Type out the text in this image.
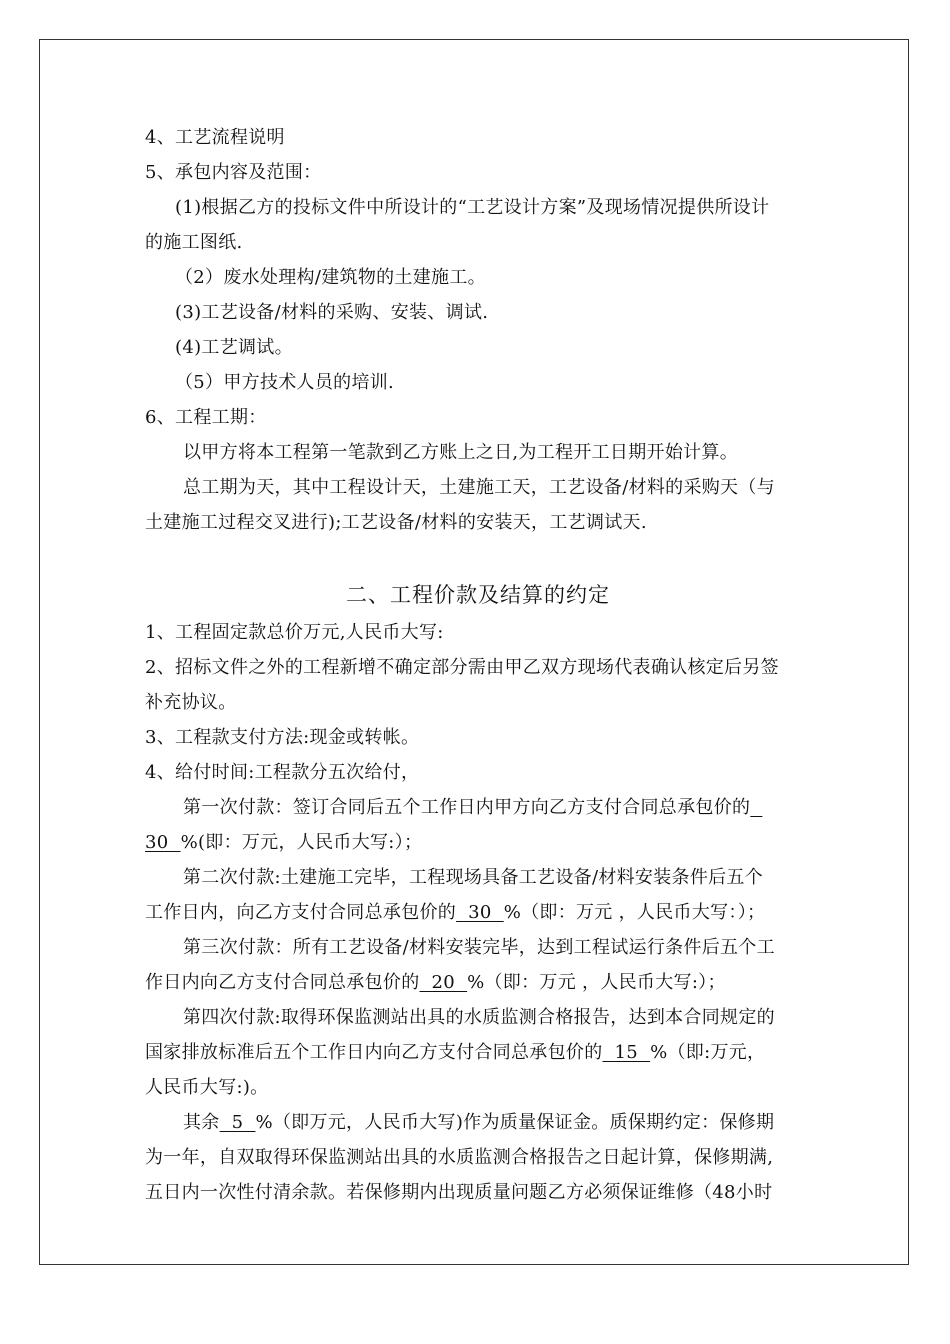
4、工艺流程说明
5、承包内容及范围：
(1)根据乙方的投标文件中所设计的“工艺设计方案”及现场情况提供所设计
的施工图纸.
（2）废水处理构/建筑物的土建施工。
(3)工艺设备/材料的采购、安装、调试.
(4)工艺调试。
（5）甲方技术人员的培训.
6、工程工期：
以甲方将本工程第一笔款到乙方账上之日,为工程开工日期开始计算。
总工期为天，其中工程设计天，土建施工天，工艺设备/材料的采购天（与
土建施工过程交叉进行);工艺设备/材料的安装天，工艺调试天.
二、工程价款及结算的约定
1、工程固定款总价万元,人民币大写:
2、招标文件之外的工程新增不确定部分需由甲乙双方现场代表确认核定后另签
补充协议。
3、工程款支付方法:现金或转帐。
4、给付时间:工程款分五次给付，
第一次付款：签订合同后五个工作日内甲方向乙方支付合同总承包价的
30 %(即：万元，人民币大写:）；
第二次付款:土建施工完毕，工程现场具备工艺设备/材料安装条件后五个
工作日内，向乙方支付合同总承包价的  30  %（即：万元 ，人民币大写：）；
第三次付款：所有工艺设备/材料安装完毕，达到工程试运行条件后五个工
作日内向乙方支付合同总承包价的  20  %（即：万元 ，人民币大写:）；
第四次付款:取得环保监测站出具的水质监测合格报告，达到本合同规定的
国家排放标准后五个工作日内向乙方支付合同总承包价的  15  %（即:万元，
人民币大写:)。
其余  5  %（即万元，人民币大写)作为质量保证金。质保期约定：保修期
为一年，自双取得环保监测站出具的水质监测合格报告之日起计算，保修期满,
五日内一次性付清余款。若保修期内出现质量问题乙方必须保证维修（48小时
